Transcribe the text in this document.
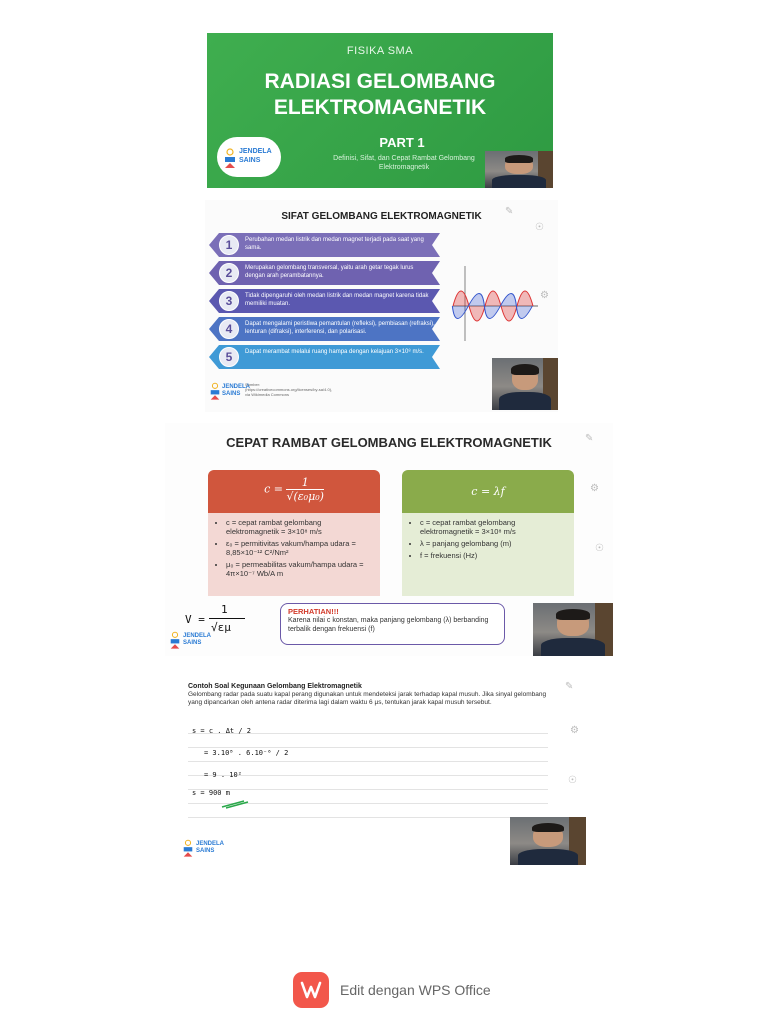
FISIKA SMA
RADIASI GELOMBANG ELEKTROMAGNETIK
PART 1
Definisi, Sifat, dan Cepat Rambat Gelombang Elektromagnetik
JENDELA SAINS
SIFAT GELOMBANG ELEKTROMAGNETIK
1	Perubahan medan listrik dan medan magnet terjadi pada saat yang sama.
2	Merupakan gelombang transversal, yaitu arah getar tegak lurus dengan arah perambatannya.
3	Tidak dipengaruhi oleh medan listrik dan medan magnet karena tidak memiliki muatan.
4	Dapat mengalami peristiwa pemantulan (refleksi), pembiasan (refraksi), lenturan (difraksi), interferensi, dan polarisasi.
5	Dapat merambat melalui ruang hampa dengan kelajuan 3×10⁸ m/s.
JENDELA SAINS
Sumber: (https://creativecommons.org/licenses/by-sa/4.0), via Wikimedia Commons
✎
☉
⚙
CEPAT RAMBAT GELOMBANG ELEKTROMAGNETIK
$c = \frac{1}{\text{√(ε₀μ₀)}}$
• c = cepat rambat gelombang elektromagnetik = 3×10⁸ m/s
• ε₀ = permitivitas vakum/hampa udara = 8,85×10⁻¹² C²/Nm²
• μ₀ = permeabilitas vakum/hampa udara = 4π×10⁻⁷ Wb/A m
c = λf
• c = cepat rambat gelombang elektromagnetik = 3×10⁸ m/s
• λ = panjang gelombang (m)
• f = frekuensi (Hz)
V =
1
√εμ
PERHATIAN!!!
Karena nilai c konstan, maka panjang gelombang (λ) berbanding terbalik dengan frekuensi (f)
JENDELA SAINS
✎
⚙
☉
Contoh Soal Kegunaan Gelombang Elektromagnetik
Gelombang radar pada suatu kapal perang digunakan untuk mendeteksi jarak terhadap kapal musuh. Jika sinyal gelombang yang dipancarkan oleh antena radar diterima lagi dalam waktu 6 μs, tentukan jarak kapal musuh tersebut.
s = c . Δt / 2
= 3.10⁸ . 6.10⁻⁶ / 2
= 9 . 10²
s = 900 m
JENDELA SAINS
✎
⚙
☉
Edit dengan WPS Office
